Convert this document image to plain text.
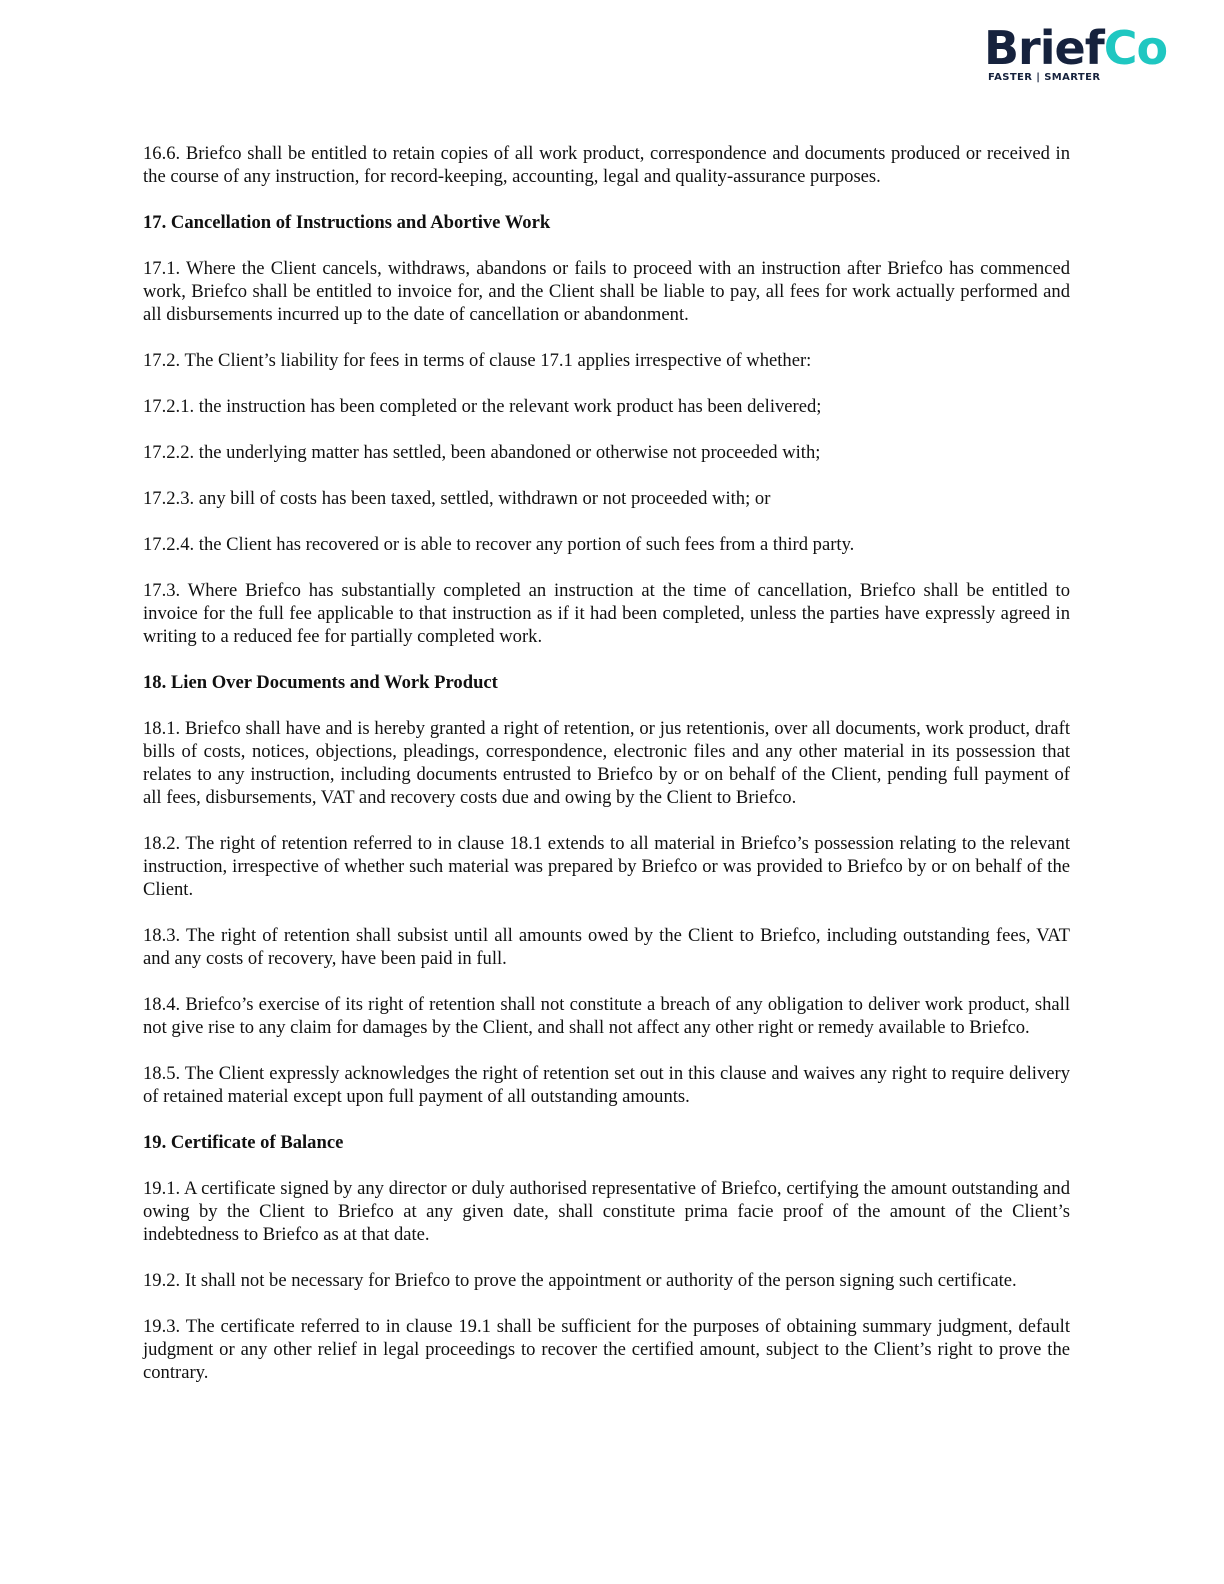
BriefCo
FASTER | SMARTER

16.6. Briefco shall be entitled to retain copies of all work product, correspondence and documents produced or received in the course of any instruction, for record-keeping, accounting, legal and quality-assurance purposes.

17. Cancellation of Instructions and Abortive Work

17.1. Where the Client cancels, withdraws, abandons or fails to proceed with an instruction after Briefco has commenced work, Briefco shall be entitled to invoice for, and the Client shall be liable to pay, all fees for work actually performed and all disbursements incurred up to the date of cancellation or abandonment.

17.2. The Client’s liability for fees in terms of clause 17.1 applies irrespective of whether:

17.2.1. the instruction has been completed or the relevant work product has been delivered;

17.2.2. the underlying matter has settled, been abandoned or otherwise not proceeded with;

17.2.3. any bill of costs has been taxed, settled, withdrawn or not proceeded with; or

17.2.4. the Client has recovered or is able to recover any portion of such fees from a third party.

17.3. Where Briefco has substantially completed an instruction at the time of cancellation, Briefco shall be entitled to invoice for the full fee applicable to that instruction as if it had been completed, unless the parties have expressly agreed in writing to a reduced fee for partially completed work.

18. Lien Over Documents and Work Product

18.1. Briefco shall have and is hereby granted a right of retention, or jus retentionis, over all documents, work product, draft bills of costs, notices, objections, pleadings, correspondence, electronic files and any other material in its possession that relates to any instruction, including documents entrusted to Briefco by or on behalf of the Client, pending full payment of all fees, disbursements, VAT and recovery costs due and owing by the Client to Briefco.

18.2. The right of retention referred to in clause 18.1 extends to all material in Briefco’s possession relating to the relevant instruction, irrespective of whether such material was prepared by Briefco or was provided to Briefco by or on behalf of the Client.

18.3. The right of retention shall subsist until all amounts owed by the Client to Briefco, including outstanding fees, VAT and any costs of recovery, have been paid in full.

18.4. Briefco’s exercise of its right of retention shall not constitute a breach of any obligation to deliver work product, shall not give rise to any claim for damages by the Client, and shall not affect any other right or remedy available to Briefco.

18.5. The Client expressly acknowledges the right of retention set out in this clause and waives any right to require delivery of retained material except upon full payment of all outstanding amounts.

19. Certificate of Balance

19.1. A certificate signed by any director or duly authorised representative of Briefco, certifying the amount outstanding and owing by the Client to Briefco at any given date, shall constitute prima facie proof of the amount of the Client’s indebtedness to Briefco as at that date.

19.2. It shall not be necessary for Briefco to prove the appointment or authority of the person signing such certificate.

19.3. The certificate referred to in clause 19.1 shall be sufficient for the purposes of obtaining summary judgment, default judgment or any other relief in legal proceedings to recover the certified amount, subject to the Client’s right to prove the contrary.
